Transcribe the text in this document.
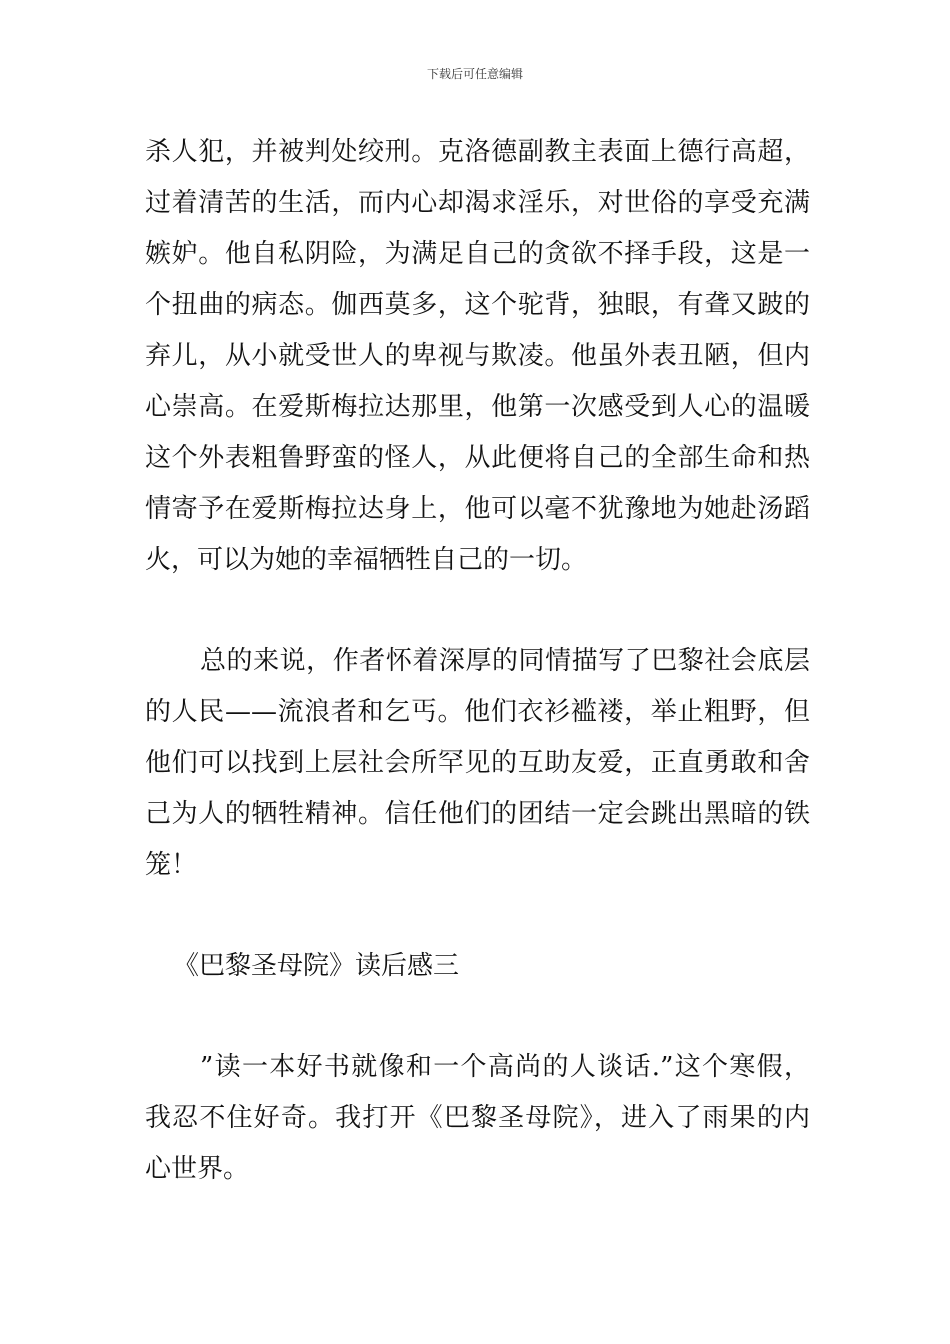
下载后可任意编辑
杀人犯，并被判处绞刑。克洛德副教主表面上德行高超，
过着清苦的生活，而内心却渴求淫乐，对世俗的享受充满
嫉妒。他自私阴险，为满足自己的贪欲不择手段，这是一
个扭曲的病态。伽西莫多，这个驼背，独眼，有聋又跛的
弃儿，从小就受世人的卑视与欺凌。他虽外表丑陋，但内
心崇高。在爱斯梅拉达那里，他第一次感受到人心的温暖
这个外表粗鲁野蛮的怪人，从此便将自己的全部生命和热
情寄予在爱斯梅拉达身上，他可以毫不犹豫地为她赴汤蹈
火，可以为她的幸福牺牲自己的一切。
总的来说，作者怀着深厚的同情描写了巴黎社会底层
的人民——流浪者和乞丐。他们衣衫褴褛，举止粗野，但
他们可以找到上层社会所罕见的互助友爱，正直勇敢和舍
己为人的牺牲精神。信任他们的团结一定会跳出黑暗的铁
笼！
《巴黎圣母院》读后感三
”读一本好书就像和一个高尚的人谈话.”这个寒假，
我忍不住好奇。我打开《巴黎圣母院》，进入了雨果的内
心世界。
